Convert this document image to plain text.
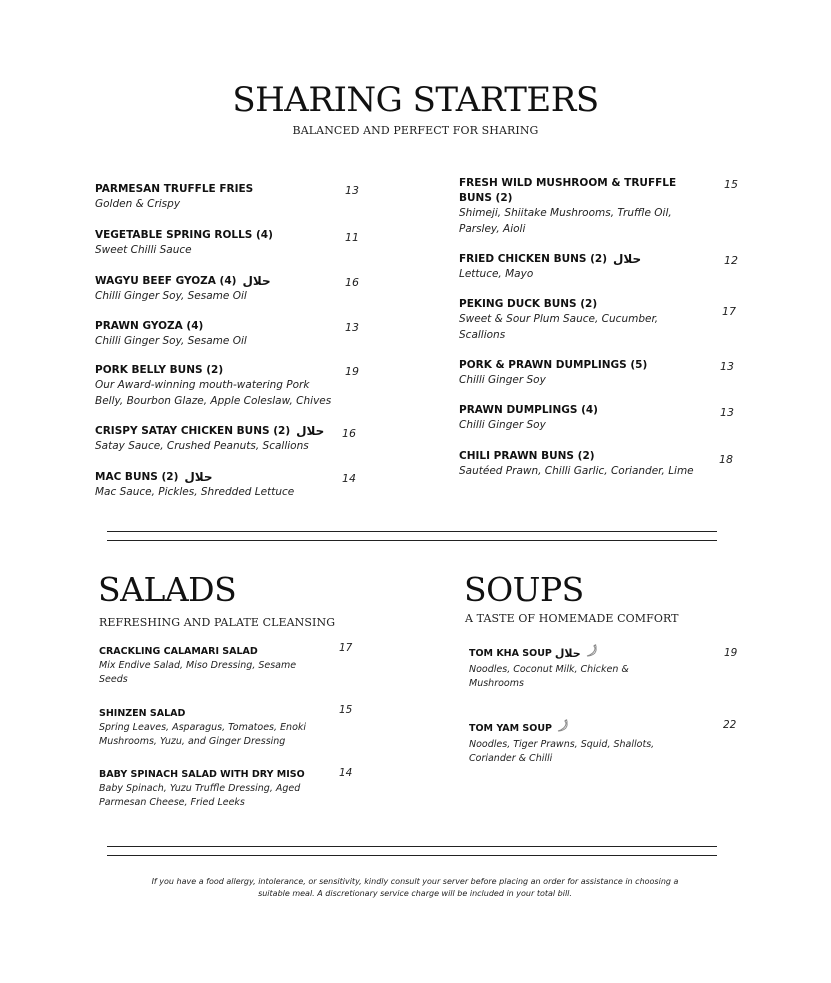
SHARING STARTERS
BALANCED AND PERFECT FOR SHARING
PARMESAN TRUFFLE FRIES
Golden & Crispy
13
VEGETABLE SPRING ROLLS (4)
Sweet Chilli Sauce
11
WAGYU BEEF GYOZA (4) حلال
Chilli Ginger Soy, Sesame Oil
16
PRAWN GYOZA (4)
Chilli Ginger Soy, Sesame Oil
13
PORK BELLY BUNS (2)
Our Award-winning mouth-watering Pork Belly, Bourbon Glaze, Apple Coleslaw, Chives
19
CRISPY SATAY CHICKEN BUNS (2) حلال
Satay Sauce, Crushed Peanuts, Scallions
16
MAC BUNS (2) حلال
Mac Sauce, Pickles, Shredded Lettuce
14
FRESH WILD MUSHROOM & TRUFFLE BUNS (2)
Shimeji, Shiitake Mushrooms, Truffle Oil, Parsley, Aioli
15
FRIED CHICKEN BUNS (2) حلال
Lettuce, Mayo
12
PEKING DUCK BUNS (2)
Sweet & Sour Plum Sauce, Cucumber, Scallions
17
PORK & PRAWN DUMPLINGS (5)
Chilli Ginger Soy
13
PRAWN DUMPLINGS (4)
Chilli Ginger Soy
13
CHILI PRAWN BUNS (2)
Sautéed Prawn, Chilli Garlic, Coriander, Lime
18
SALADS
REFRESHING AND PALATE CLEANSING
CRACKLING CALAMARI SALAD
Mix Endive Salad, Miso Dressing, Sesame Seeds
17
SHINZEN SALAD
Spring Leaves, Asparagus, Tomatoes, Enoki Mushrooms, Yuzu, and Ginger Dressing
15
BABY SPINACH SALAD WITH DRY MISO
Baby Spinach, Yuzu Truffle Dressing, Aged Parmesan Cheese, Fried Leeks
14
SOUPS
A TASTE OF HOMEMADE COMFORT
TOM KHA SOUP حلال
Noodles, Coconut Milk, Chicken & Mushrooms
19
TOM YAM SOUP
Noodles, Tiger Prawns, Squid, Shallots, Coriander & Chilli
22
If you have a food allergy, intolerance, or sensitivity, kindly consult your server before placing an order for assistance in choosing a suitable meal. A discretionary service charge will be included in your total bill.
